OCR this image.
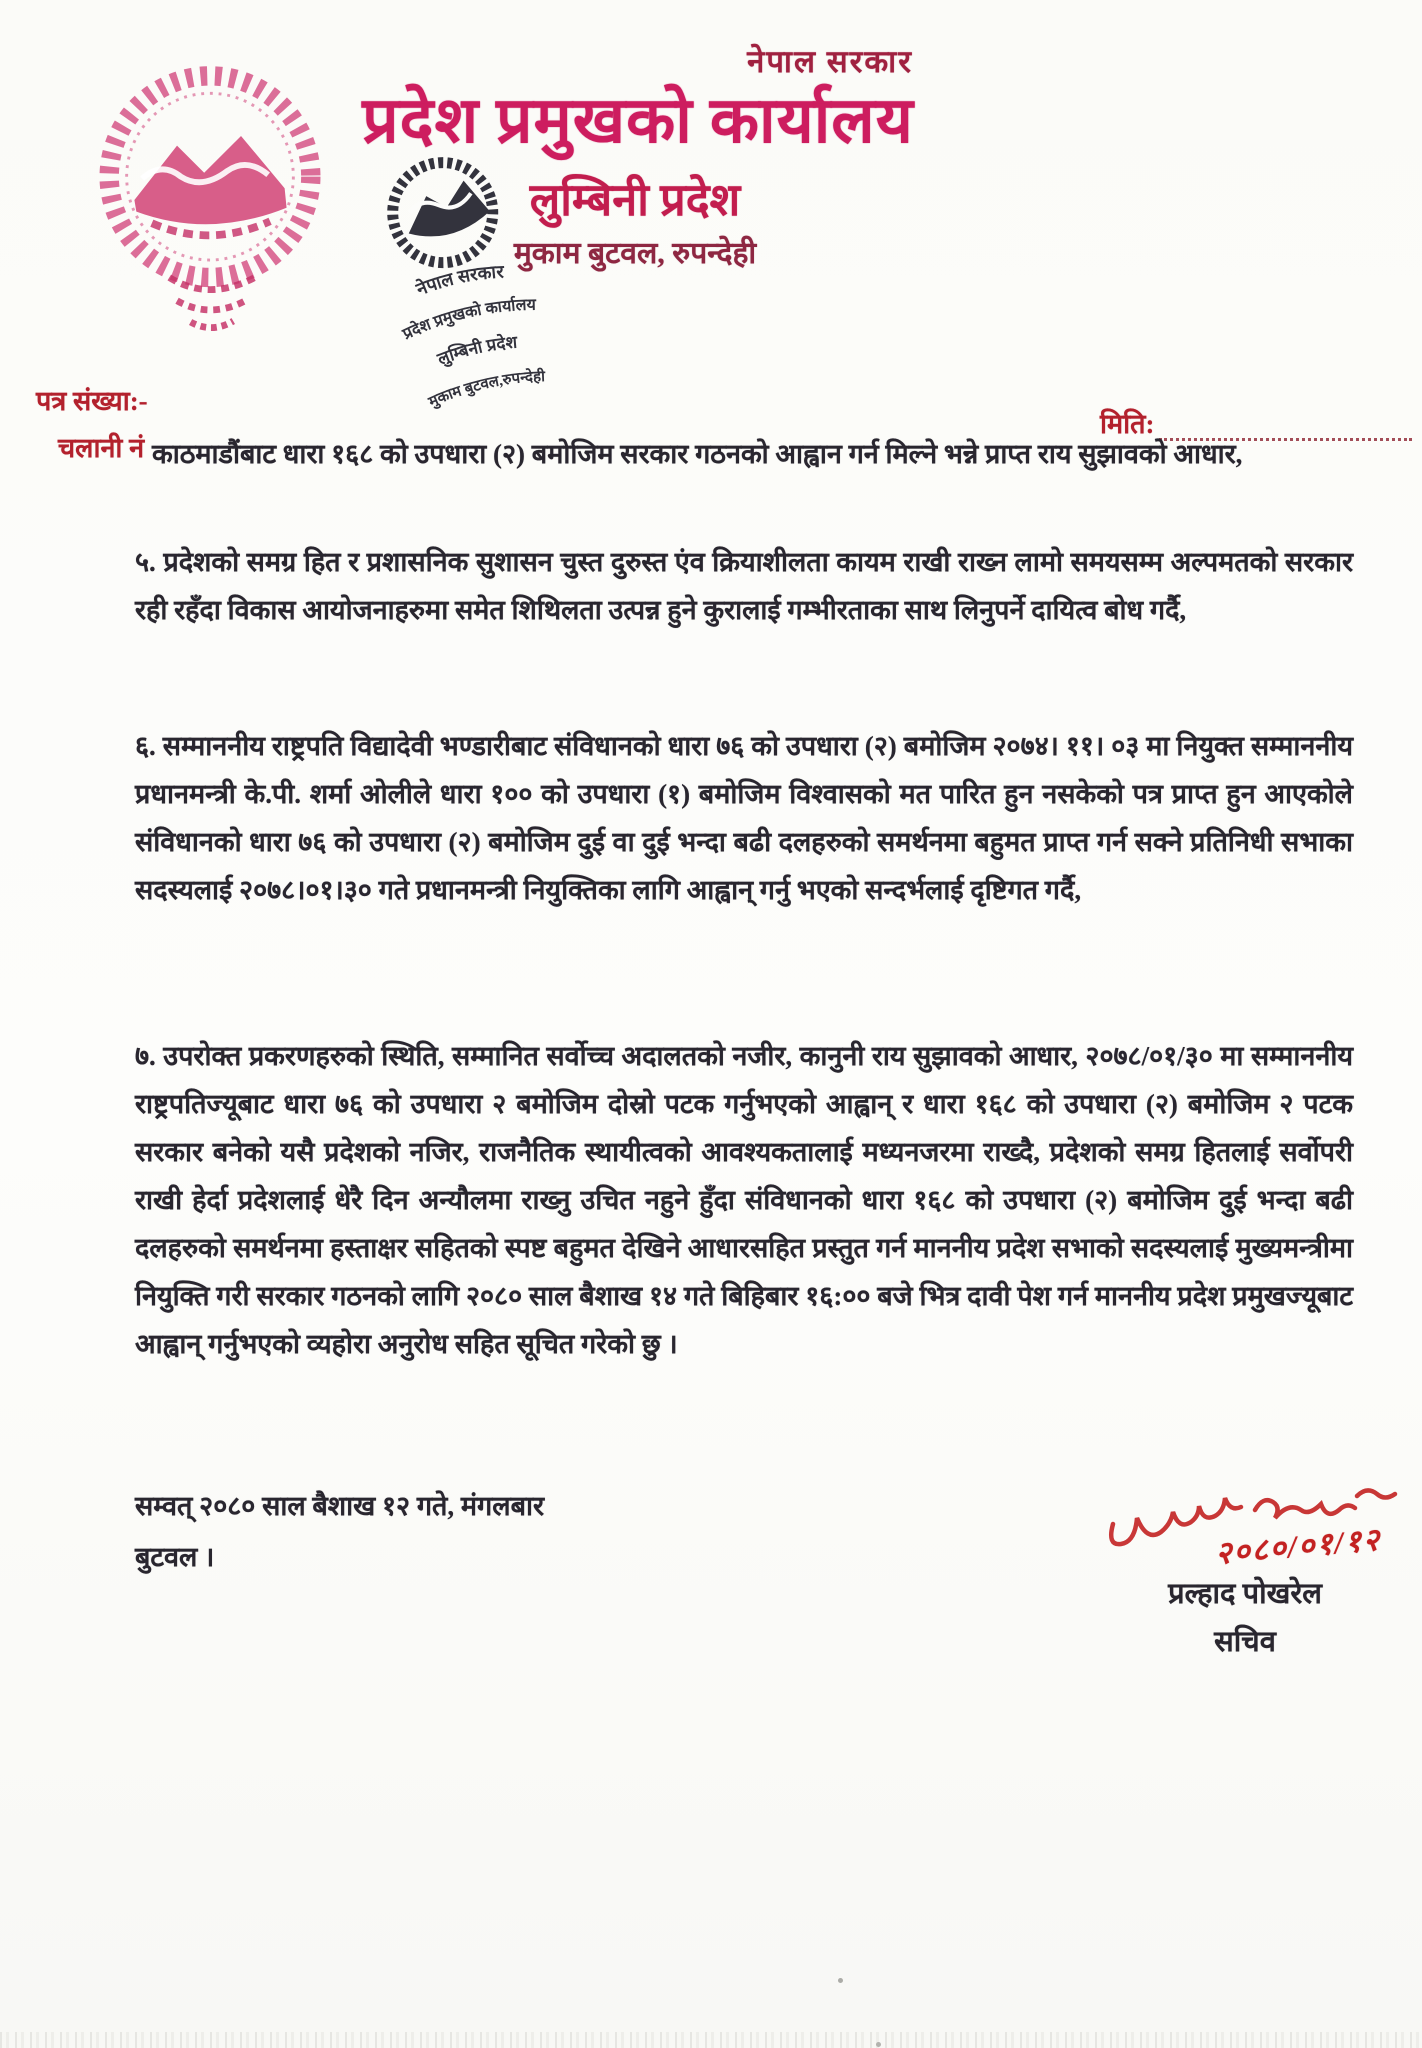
नेपाल सरकार
प्रदेश प्रमुखको कार्यालय
लुम्बिनी प्रदेश
मुकाम बुटवल,रुपन्देही
नेपाल सरकार
प्रदेश प्रमुखको कार्यालय
लुम्बिनी प्रदेश
मुकाम बुटवल, रुपन्देही
पत्र संख्या:-
चलानी नं
मिति:
काठमाडौंबाट धारा १६८ को उपधारा (२) बमोजिम सरकार गठनको आह्वान गर्न मिल्ने भन्ने प्राप्त राय सुझावको आधार,
५. प्रदेशको समग्र हित र प्रशासनिक सुशासन चुस्त दुरुस्त एंव क्रियाशीलता कायम राखी राख्न लामो समयसम्म अल्पमतको सरकार रही रहँदा विकास आयोजनाहरुमा समेत शिथिलता उत्पन्न हुने कुरालाई गम्भीरताका साथ लिनुपर्ने दायित्व बोध गर्दै,
६. सम्माननीय राष्ट्रपति विद्यादेवी भण्डारीबाट संविधानको धारा ७६ को उपधारा (२) बमोजिम २०७४। ११। ०३ मा नियुक्त सम्माननीय प्रधानमन्त्री के.पी. शर्मा ओलीले धारा १०० को उपधारा (१) बमोजिम विश्वासको मत पारित हुन नसकेको पत्र प्राप्त हुन आएकोले संविधानको धारा ७६ को उपधारा (२) बमोजिम दुई वा दुई भन्दा बढी दलहरुको समर्थनमा बहुमत प्राप्त गर्न सक्ने प्रतिनिधी सभाका सदस्यलाई २०७८।०१।३० गते प्रधानमन्त्री नियुक्तिका लागि आह्वान् गर्नु भएको सन्दर्भलाई दृष्टिगत गर्दै,
७. उपरोक्त प्रकरणहरुको स्थिति, सम्मानित सर्वोच्च अदालतको नजीर, कानुनी राय सुझावको आधार, २०७८/०१/३० मा सम्माननीय राष्ट्रपतिज्यूबाट धारा ७६ को उपधारा २ बमोजिम दोस्रो पटक गर्नुभएको आह्वान् र धारा १६८ को उपधारा (२) बमोजिम २ पटक सरकार बनेको यसै प्रदेशको नजिर, राजनैतिक स्थायीत्वको आवश्यकतालाई मध्यनजरमा राख्दै, प्रदेशको समग्र हितलाई सर्वोपरी राखी हेर्दा प्रदेशलाई धेरै दिन अन्यौलमा राख्नु उचित नहुने हुँदा संविधानको धारा १६८ को उपधारा (२) बमोजिम दुई भन्दा बढी दलहरुको समर्थनमा हस्ताक्षर सहितको स्पष्ट बहुमत देखिने आधारसहित प्रस्तुत गर्न माननीय प्रदेश सभाको सदस्यलाई मुख्यमन्त्रीमा नियुक्ति गरी सरकार गठनको लागि २०८० साल बैशाख १४ गते बिहिबार १६:०० बजे भित्र दावी पेश गर्न माननीय प्रदेश प्रमुखज्यूबाट आह्वान् गर्नुभएको व्यहोरा अनुरोध सहित सूचित गरेको छु ।
सम्वत् २०८० साल बैशाख १२ गते, मंगलबार
बुटवल ।	२०८०/०१/१२
प्रल्हाद पोखरेल
सचिव
